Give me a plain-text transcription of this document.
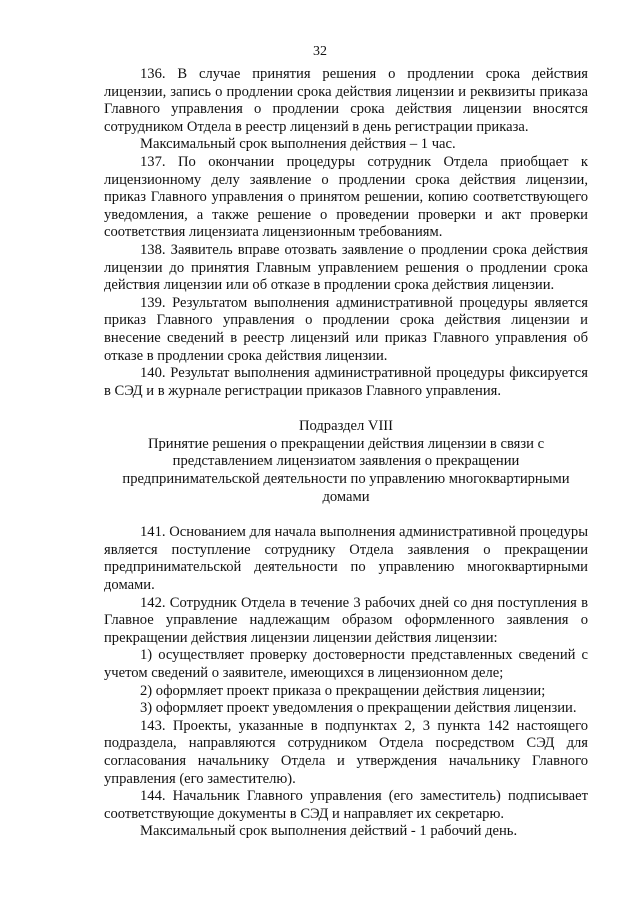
32

136. В случае принятия решения о продлении срока действия лицензии, запись о продлении срока действия лицензии и реквизиты приказа Главного управления о продлении срока действия лицензии вносятся сотрудником Отдела в реестр лицензий в день регистрации приказа.

Максимальный срок выполнения действия – 1 час.

137. По окончании процедуры сотрудник Отдела приобщает к лицензионному делу заявление о продлении срока действия лицензии, приказ Главного управления о принятом решении, копию соответствующего уведомления, а также решение о проведении проверки и акт проверки соответствия лицензиата лицензионным требованиям.

138. Заявитель вправе отозвать заявление о продлении срока действия лицензии до принятия Главным управлением решения о продлении срока действия лицензии или об отказе в продлении срока действия лицензии.

139. Результатом выполнения административной процедуры является приказ Главного управления о продлении срока действия лицензии и внесение сведений в реестр лицензий или приказ Главного управления об отказе в продлении срока действия лицензии.

140. Результат выполнения административной процедуры фиксируется в СЭД и в журнале регистрации приказов Главного управления.

Подраздел VIII

Принятие решения о прекращении действия лицензии в связи с представлением лицензиатом заявления о прекращении предпринимательской деятельности по управлению многоквартирными домами

141. Основанием для начала выполнения административной процедуры является поступление сотруднику Отдела заявления о прекращении предпринимательской деятельности по управлению многоквартирными домами.

142. Сотрудник Отдела в течение 3 рабочих дней со дня поступления в Главное управление надлежащим образом оформленного заявления о прекращении действия лицензии лицензии действия лицензии:

1) осуществляет проверку достоверности представленных сведений с учетом сведений о заявителе, имеющихся в лицензионном деле;

2) оформляет проект приказа о прекращении действия лицензии;

3) оформляет проект уведомления о прекращении действия лицензии.

143. Проекты, указанные в подпунктах 2, 3 пункта 142 настоящего подраздела, направляются сотрудником Отдела посредством СЭД для согласования начальнику Отдела и утверждения начальнику Главного управления (его заместителю).

144. Начальник Главного управления (его заместитель) подписывает соответствующие документы в СЭД и направляет их секретарю.

Максимальный срок выполнения действий - 1 рабочий день.
